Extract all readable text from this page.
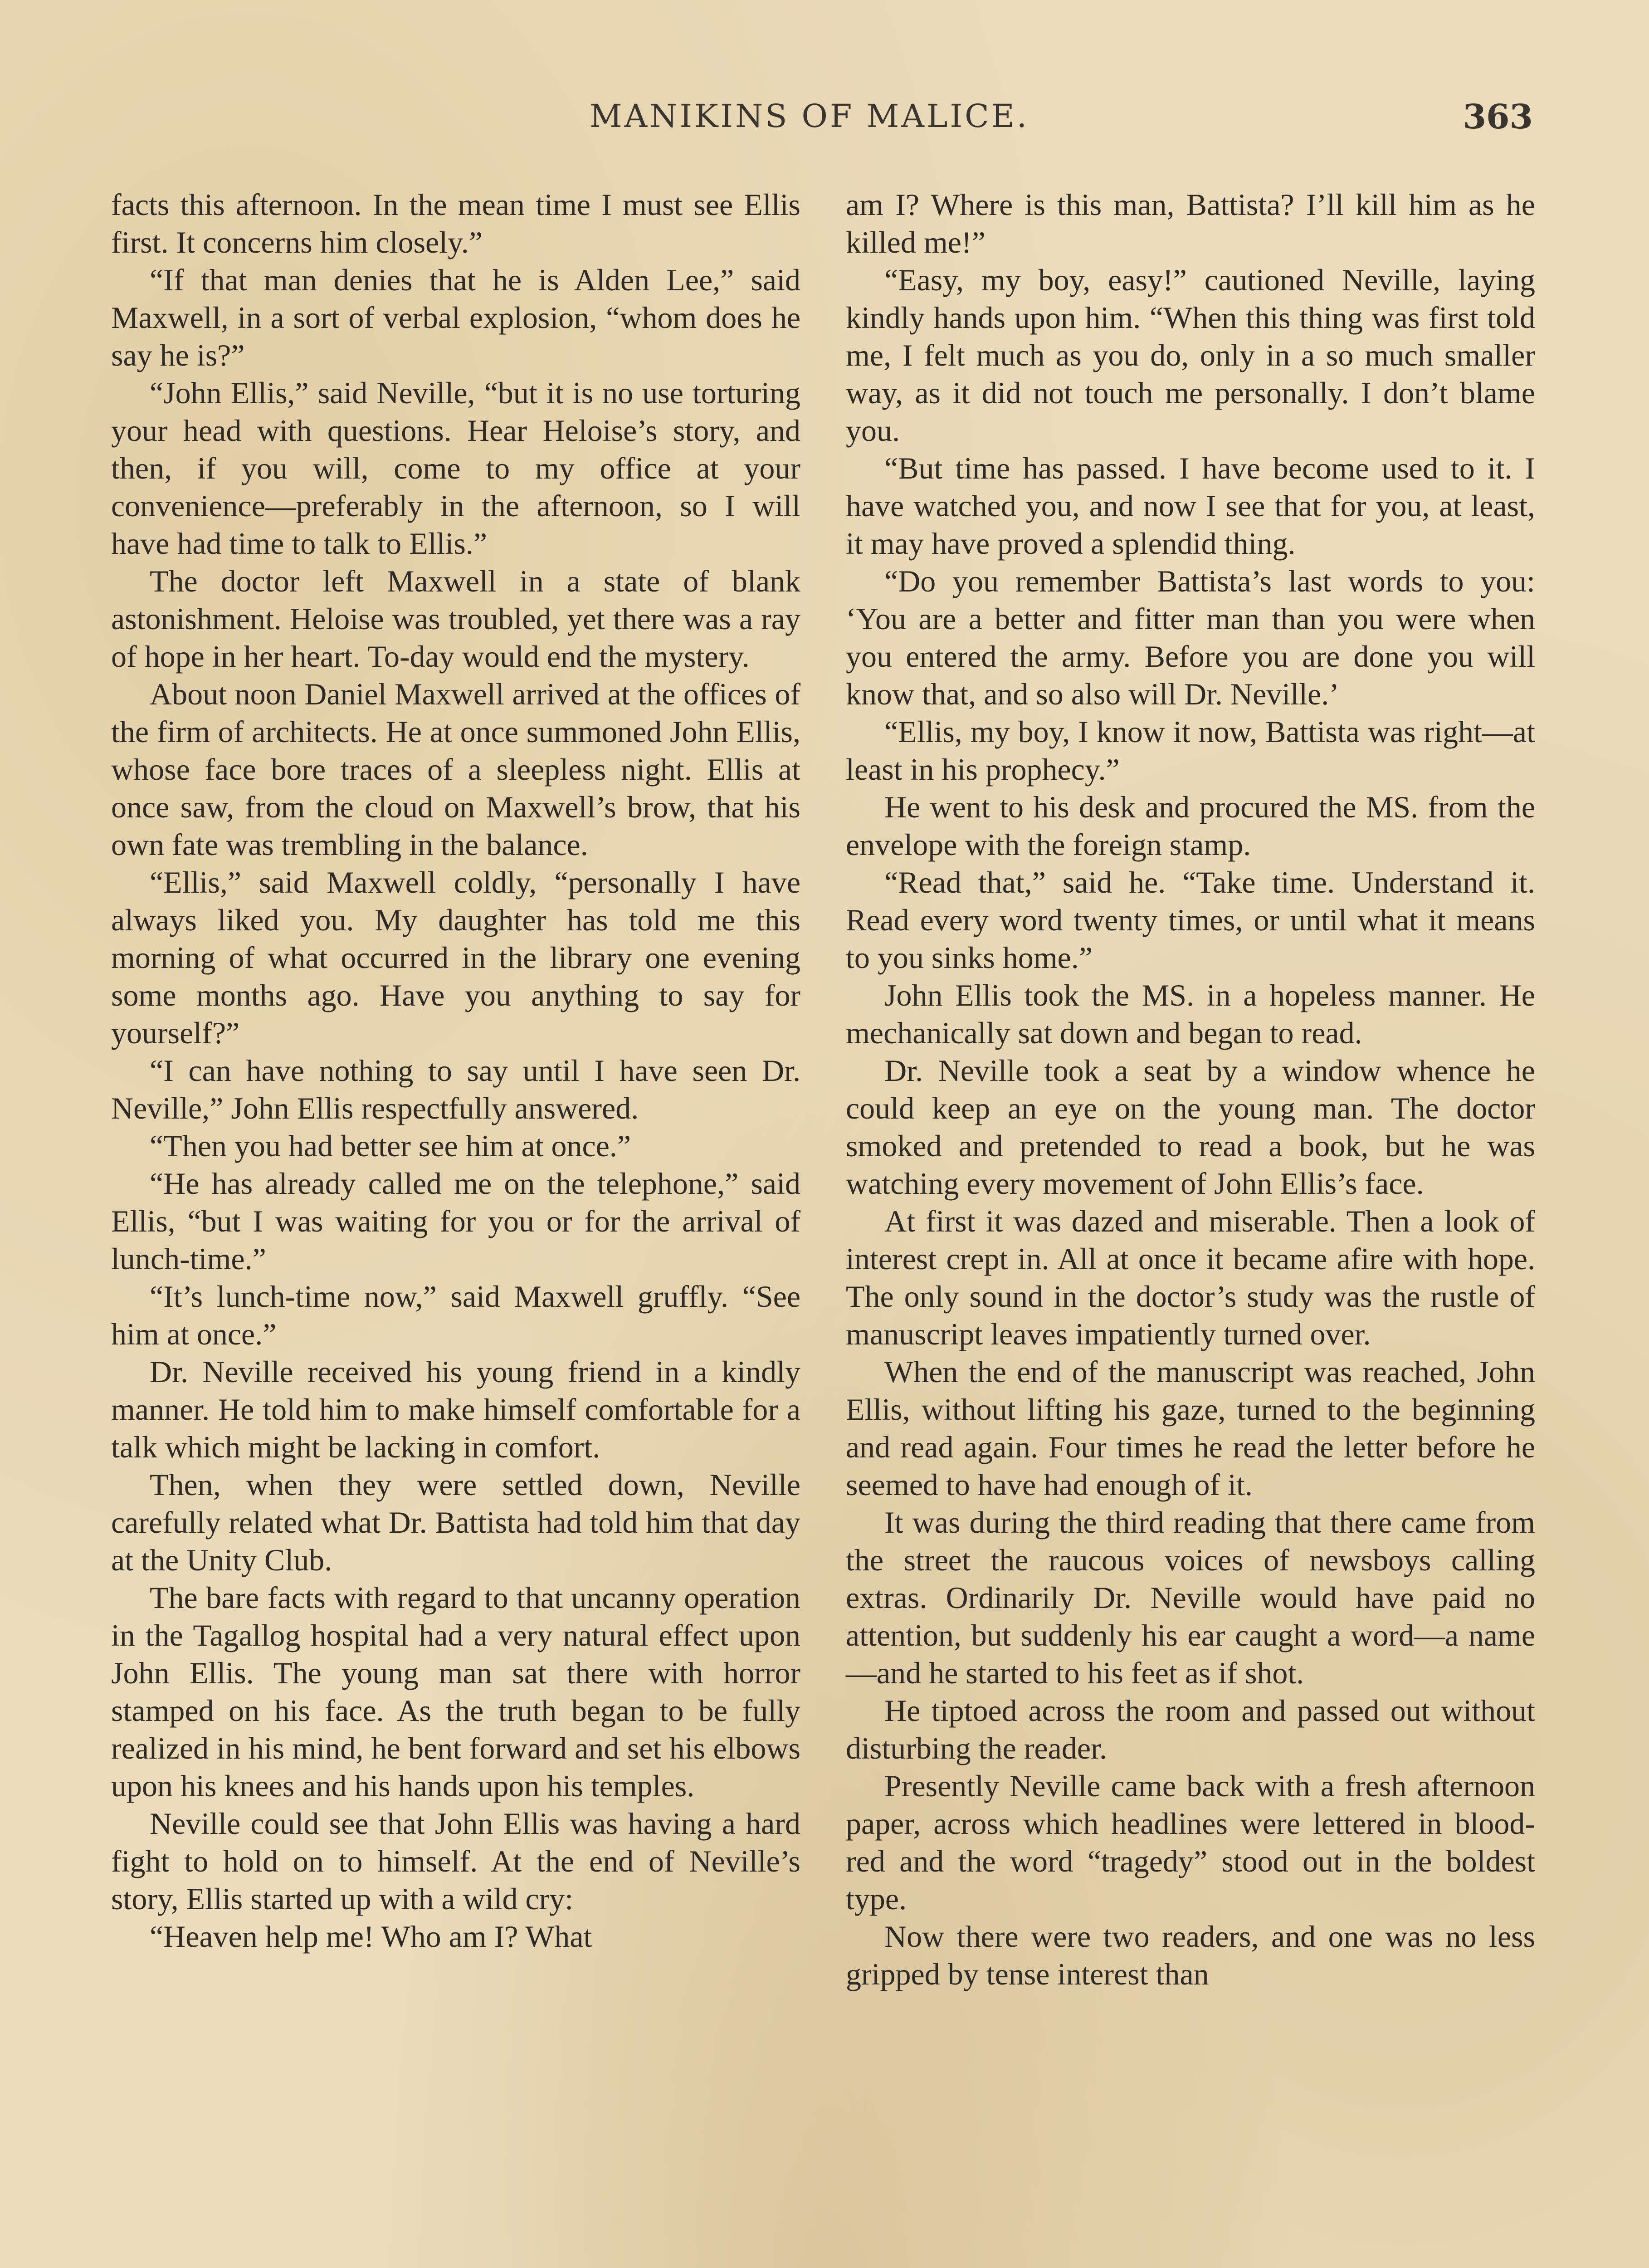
MANIKINS OF MALICE.	363

facts this afternoon. In the mean time I must see Ellis first. It concerns him closely.”

“If that man denies that he is Alden Lee,” said Maxwell, in a sort of verbal explosion, “whom does he say he is?”

“John Ellis,” said Neville, “but it is no use torturing your head with questions. Hear Heloise’s story, and then, if you will, come to my office at your convenience—preferably in the afternoon, so I will have had time to talk to Ellis.”

The doctor left Maxwell in a state of blank astonishment. Heloise was troubled, yet there was a ray of hope in her heart. To-day would end the mystery.

About noon Daniel Maxwell arrived at the offices of the firm of architects. He at once summoned John Ellis, whose face bore traces of a sleepless night. Ellis at once saw, from the cloud on Maxwell’s brow, that his own fate was trembling in the balance.

“Ellis,” said Maxwell coldly, “personally I have always liked you. My daughter has told me this morning of what occurred in the library one evening some months ago. Have you anything to say for yourself?”

“I can have nothing to say until I have seen Dr. Neville,” John Ellis respectfully answered.

“Then you had better see him at once.”

“He has already called me on the telephone,” said Ellis, “but I was waiting for you or for the arrival of lunch-time.”

“It’s lunch-time now,” said Maxwell gruffly. “See him at once.”

Dr. Neville received his young friend in a kindly manner. He told him to make himself comfortable for a talk which might be lacking in comfort.

Then, when they were settled down, Neville carefully related what Dr. Battista had told him that day at the Unity Club.

The bare facts with regard to that uncanny operation in the Tagallog hospital had a very natural effect upon John Ellis. The young man sat there with horror stamped on his face. As the truth began to be fully realized in his mind, he bent forward and set his elbows upon his knees and his hands upon his temples.

Neville could see that John Ellis was having a hard fight to hold on to himself. At the end of Neville’s story, Ellis started up with a wild cry:

“Heaven help me! Who am I? What

am I? Where is this man, Battista? I’ll kill him as he killed me!”

“Easy, my boy, easy!” cautioned Neville, laying kindly hands upon him. “When this thing was first told me, I felt much as you do, only in a so much smaller way, as it did not touch me personally. I don’t blame you.

“But time has passed. I have become used to it. I have watched you, and now I see that for you, at least, it may have proved a splendid thing.

“Do you remember Battista’s last words to you: ‘You are a better and fitter man than you were when you entered the army. Before you are done you will know that, and so also will Dr. Neville.’

“Ellis, my boy, I know it now, Battista was right—at least in his prophecy.”

He went to his desk and procured the MS. from the envelope with the foreign stamp.

“Read that,” said he. “Take time. Understand it. Read every word twenty times, or until what it means to you sinks home.”

John Ellis took the MS. in a hopeless manner. He mechanically sat down and began to read.

Dr. Neville took a seat by a window whence he could keep an eye on the young man. The doctor smoked and pretended to read a book, but he was watching every movement of John Ellis’s face.

At first it was dazed and miserable. Then a look of interest crept in. All at once it became afire with hope. The only sound in the doctor’s study was the rustle of manuscript leaves impatiently turned over.

When the end of the manuscript was reached, John Ellis, without lifting his gaze, turned to the beginning and read again. Four times he read the letter before he seemed to have had enough of it.

It was during the third reading that there came from the street the raucous voices of newsboys calling extras. Ordinarily Dr. Neville would have paid no attention, but suddenly his ear caught a word—a name—and he started to his feet as if shot.

He tiptoed across the room and passed out without disturbing the reader.

Presently Neville came back with a fresh afternoon paper, across which headlines were lettered in blood-red and the word “tragedy” stood out in the boldest type.

Now there were two readers, and one was no less gripped by tense interest than
